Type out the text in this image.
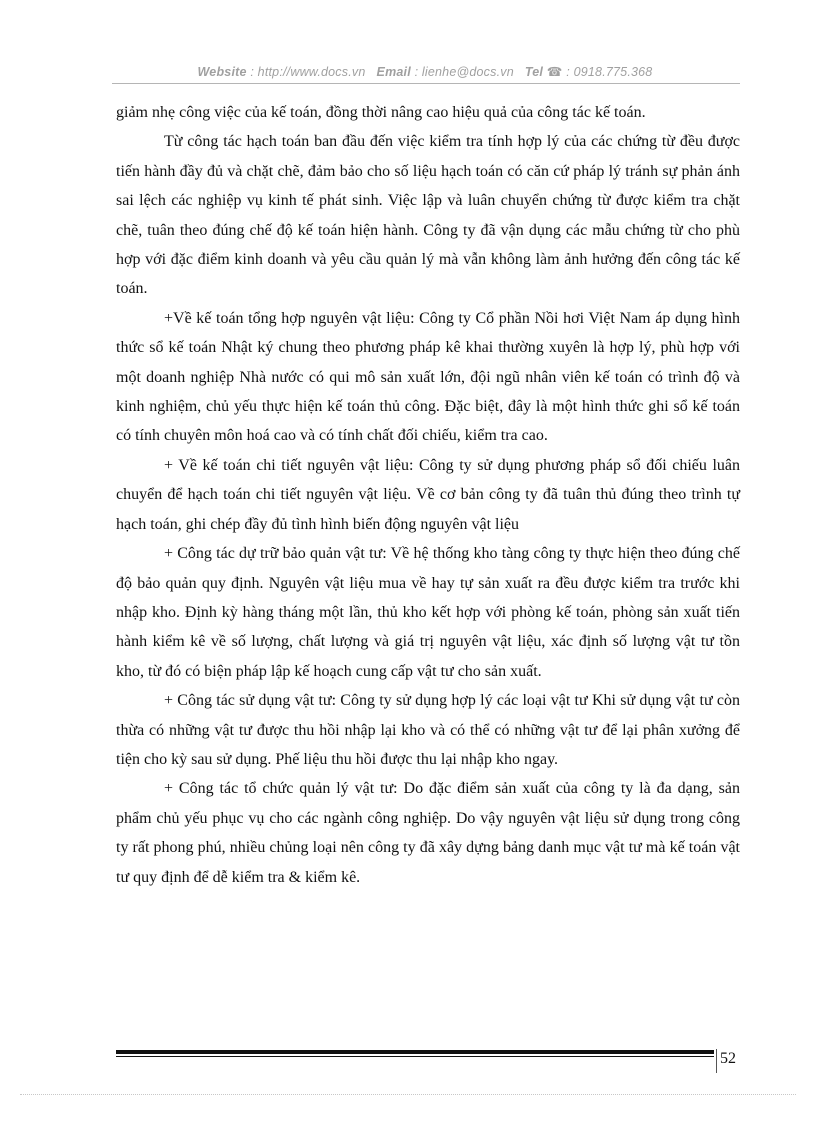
Website : http://www.docs.vn Email : lienhe@docs.vn Tel ☎ : 0918.775.368

giảm nhẹ công việc của kế toán, đồng thời nâng cao hiệu quả của công tác kế toán.

Từ công tác hạch toán ban đầu đến việc kiểm tra tính hợp lý của các chứng từ đều được tiến hành đầy đủ và chặt chẽ, đảm bảo cho số liệu hạch toán có căn cứ pháp lý tránh sự phản ánh sai lệch các nghiệp vụ kinh tế phát sinh. Việc lập và luân chuyển chứng từ được kiểm tra chặt chẽ, tuân theo đúng chế độ kế toán hiện hành. Công ty đã vận dụng các mẫu chứng từ cho phù hợp với đặc điểm kinh doanh và yêu cầu quản lý mà vẫn không làm ảnh hưởng đến công tác kế toán.

+Về kế toán tổng hợp nguyên vật liệu: Công ty Cổ phần Nồi hơi Việt Nam áp dụng hình thức sổ kế toán Nhật ký chung theo phương pháp kê khai thường xuyên là hợp lý, phù hợp với một doanh nghiệp Nhà nước có qui mô sản xuất lớn, đội ngũ nhân viên kế toán có trình độ và kinh nghiệm, chủ yếu thực hiện kế toán thủ công. Đặc biệt, đây là một hình thức ghi sổ kế toán có tính chuyên môn hoá cao và có tính chất đối chiếu, kiểm tra cao.

+ Về kế toán chi tiết nguyên vật liệu: Công ty sử dụng phương pháp sổ đối chiếu luân chuyển để hạch toán chi tiết nguyên vật liệu. Về cơ bản công ty đã tuân thủ đúng theo trình tự hạch toán, ghi chép đầy đủ tình hình biến động nguyên vật liệu

+ Công tác dự trữ bảo quản vật tư: Về hệ thống kho tàng công ty thực hiện theo đúng chế độ bảo quản quy định. Nguyên vật liệu mua về hay tự sản xuất ra đều được kiểm tra trước khi nhập kho. Định kỳ hàng tháng một lần, thủ kho kết hợp với phòng kế toán, phòng sản xuất tiến hành kiểm kê về số lượng, chất lượng và giá trị nguyên vật liệu, xác định số lượng vật tư tồn kho, từ đó có biện pháp lập kế hoạch cung cấp vật tư cho sản xuất.

+ Công tác sử dụng vật tư: Công ty sử dụng hợp lý các loại vật tư Khi sử dụng vật tư còn thừa có những vật tư được thu hồi nhập lại kho và có thể có những vật tư để lại phân xưởng để tiện cho kỳ sau sử dụng. Phế liệu thu hồi được thu lại nhập kho ngay.

+ Công tác tổ chức quản lý vật tư: Do đặc điểm sản xuất của công ty là đa dạng, sản phẩm chủ yếu phục vụ cho các ngành công nghiệp. Do vậy nguyên vật liệu sử dụng trong công ty rất phong phú, nhiều chủng loại nên công ty đã xây dựng bảng danh mục vật tư mà kế toán vật tư quy định để dễ kiểm tra & kiểm kê.

52
